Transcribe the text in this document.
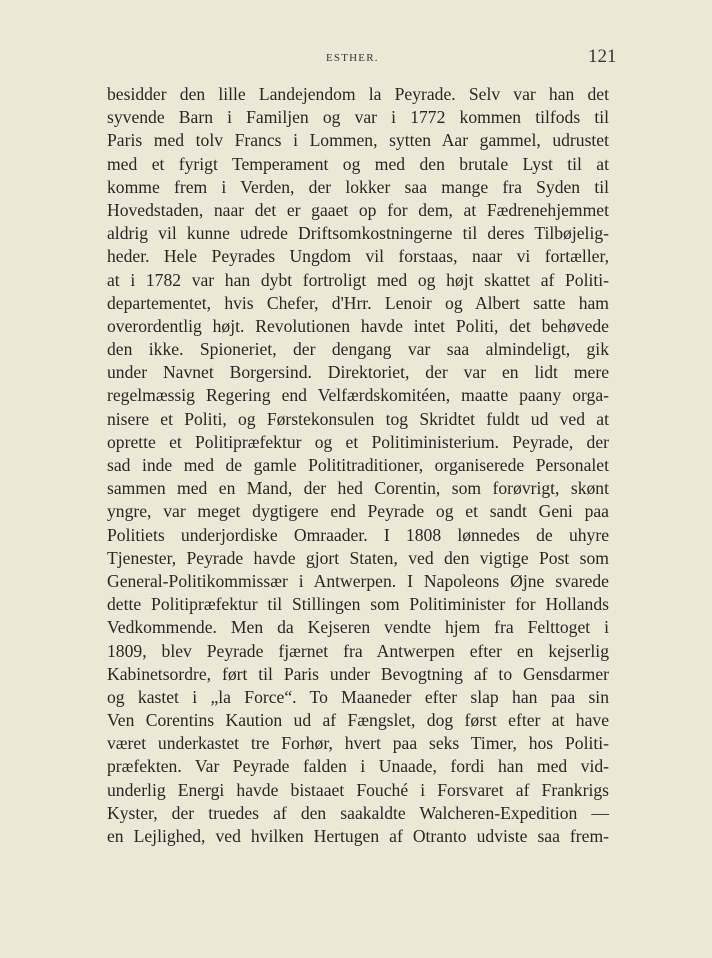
ESTHER.	121
besidder den lille Landejendom la Peyrade. Selv var han det
syvende Barn i Familjen og var i 1772 kommen tilfods til
Paris med tolv Francs i Lommen, sytten Aar gammel, udrustet
med et fyrigt Temperament og med den brutale Lyst til at
komme frem i Verden, der lokker saa mange fra Syden til
Hovedstaden, naar det er gaaet op for dem, at Fædrenehjemmet
aldrig vil kunne udrede Driftsomkostningerne til deres Tilbøjelig-
heder. Hele Peyrades Ungdom vil forstaas, naar vi fortæller,
at i 1782 var han dybt fortroligt med og højt skattet af Politi-
departementet, hvis Chefer, d'Hrr. Lenoir og Albert satte ham
overordentlig højt. Revolutionen havde intet Politi, det behøvede
den ikke. Spioneriet, der dengang var saa almindeligt, gik
under Navnet Borgersind. Direktoriet, der var en lidt mere
regelmæssig Regering end Velfærdskomitéen, maatte paany orga-
nisere et Politi, og Førstekonsulen tog Skridtet fuldt ud ved at
oprette et Politipræfektur og et Politiministerium. Peyrade, der
sad inde med de gamle Polititraditioner, organiserede Personalet
sammen med en Mand, der hed Corentin, som forøvrigt, skønt
yngre, var meget dygtigere end Peyrade og et sandt Geni paa
Politiets underjordiske Omraader. I 1808 lønnedes de uhyre
Tjenester, Peyrade havde gjort Staten, ved den vigtige Post som
General-Politikommissær i Antwerpen. I Napoleons Øjne svarede
dette Politipræfektur til Stillingen som Politiminister for Hollands
Vedkommende. Men da Kejseren vendte hjem fra Felttoget i
1809, blev Peyrade fjærnet fra Antwerpen efter en kejserlig
Kabinetsordre, ført til Paris under Bevogtning af to Gensdarmer
og kastet i „la Force“. To Maaneder efter slap han paa sin
Ven Corentins Kaution ud af Fængslet, dog først efter at have
været underkastet tre Forhør, hvert paa seks Timer, hos Politi-
præfekten. Var Peyrade falden i Unaade, fordi han med vid-
underlig Energi havde bistaaet Fouché i Forsvaret af Frankrigs
Kyster, der truedes af den saakaldte Walcheren-Expedition —
en Lejlighed, ved hvilken Hertugen af Otranto udviste saa frem-
